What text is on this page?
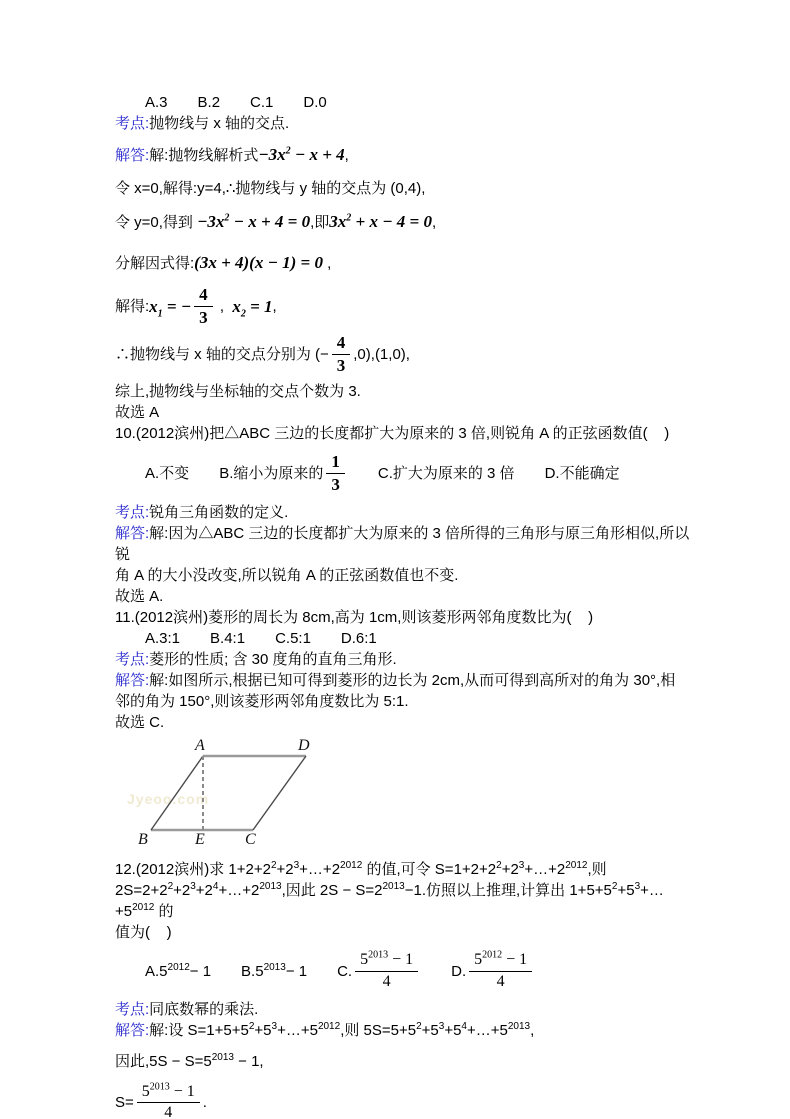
A.3 B.2 C.1 D.0
考点:抛物线与 x 轴的交点.
解答:解:抛物线解析式$-3x^2 - x + 4$,
令 x=0,解得:y=4,∴抛物线与 y 轴的交点为 (0,4),
令 y=0,得到 $-3x^2 - x + 4 = 0$,即$3x^2 + x - 4 = 0$,
分解因式得:(3x + 4)(x − 1) = 0 ,
解得: $x_1$ = − $\frac{4}{3}$ , $x_2 = 1$ ,
∴抛物线与 x 轴的交点分别为 (− $\frac{4}{3} ,0),(1,0)$,
综上,抛物线与坐标轴的交点个数为 3.
故选 A
10.(2012滨州)把△ABC 三边的长度都扩大为原来的 3 倍,则锐角 A 的正弦函数值(    )
A.不变 B.缩小为原来的 $\frac{1}{3} C$.扩大为原来的 3 倍 D.不能确定
考点:锐角三角函数的定义.
解答:解:因为△ABC 三边的长度都扩大为原来的 3 倍所得的三角形与原三角形相似,所以锐
角 A 的大小没改变,所以锐角 A 的正弦函数值也不变.
故选 A.
11.(2012滨州)菱形的周长为 8cm,高为 1cm,则该菱形两邻角度数比为(    )
A.3:1 B.4:1 C.5:1 D.6:1
考点:菱形的性质; 含 30 度角的直角三角形.
解答:解:如图所示,根据已知可得到菱形的边长为 2cm,从而可得到高所对的角为 30°,相
邻的角为 150°,则该菱形两邻角度数比为 5:1.
故选 C.
Jyeoo.com
A	D
B	E	C
12.(2012滨州)求 $1+2+2^2+2^3+\dots+2^{2012}$ 的值,可令 $S=1+2+2^2+2^3+\dots+2^{2012}$,则
$2S=2+2^2+2^3+2^4+\dots+2^{2013}$,因此 $2S - S=2^{2013}-1$.仿照以上推理,计算出 $1+5+5^2+5^3+\dots+5^{2012}$ 的
值为(    )
$A.5^{2012}- 1$ $B.5^{2013}- 1$ C. $\frac{5^{2013} - 1}{4} D$. $\frac{5^{2012} - 1}{4}$
考点:同底数幂的乘法.
解答:解:设 $S=1+5+5^2+5^3+\dots+5^{2012}$,则 $5S=5+5^2+5^3+5^4+\dots+5^{2013}$,
因此$,5S - S=5^{2013} - 1$,
$S= \frac{5^{2013} - 1}{4}$ .
